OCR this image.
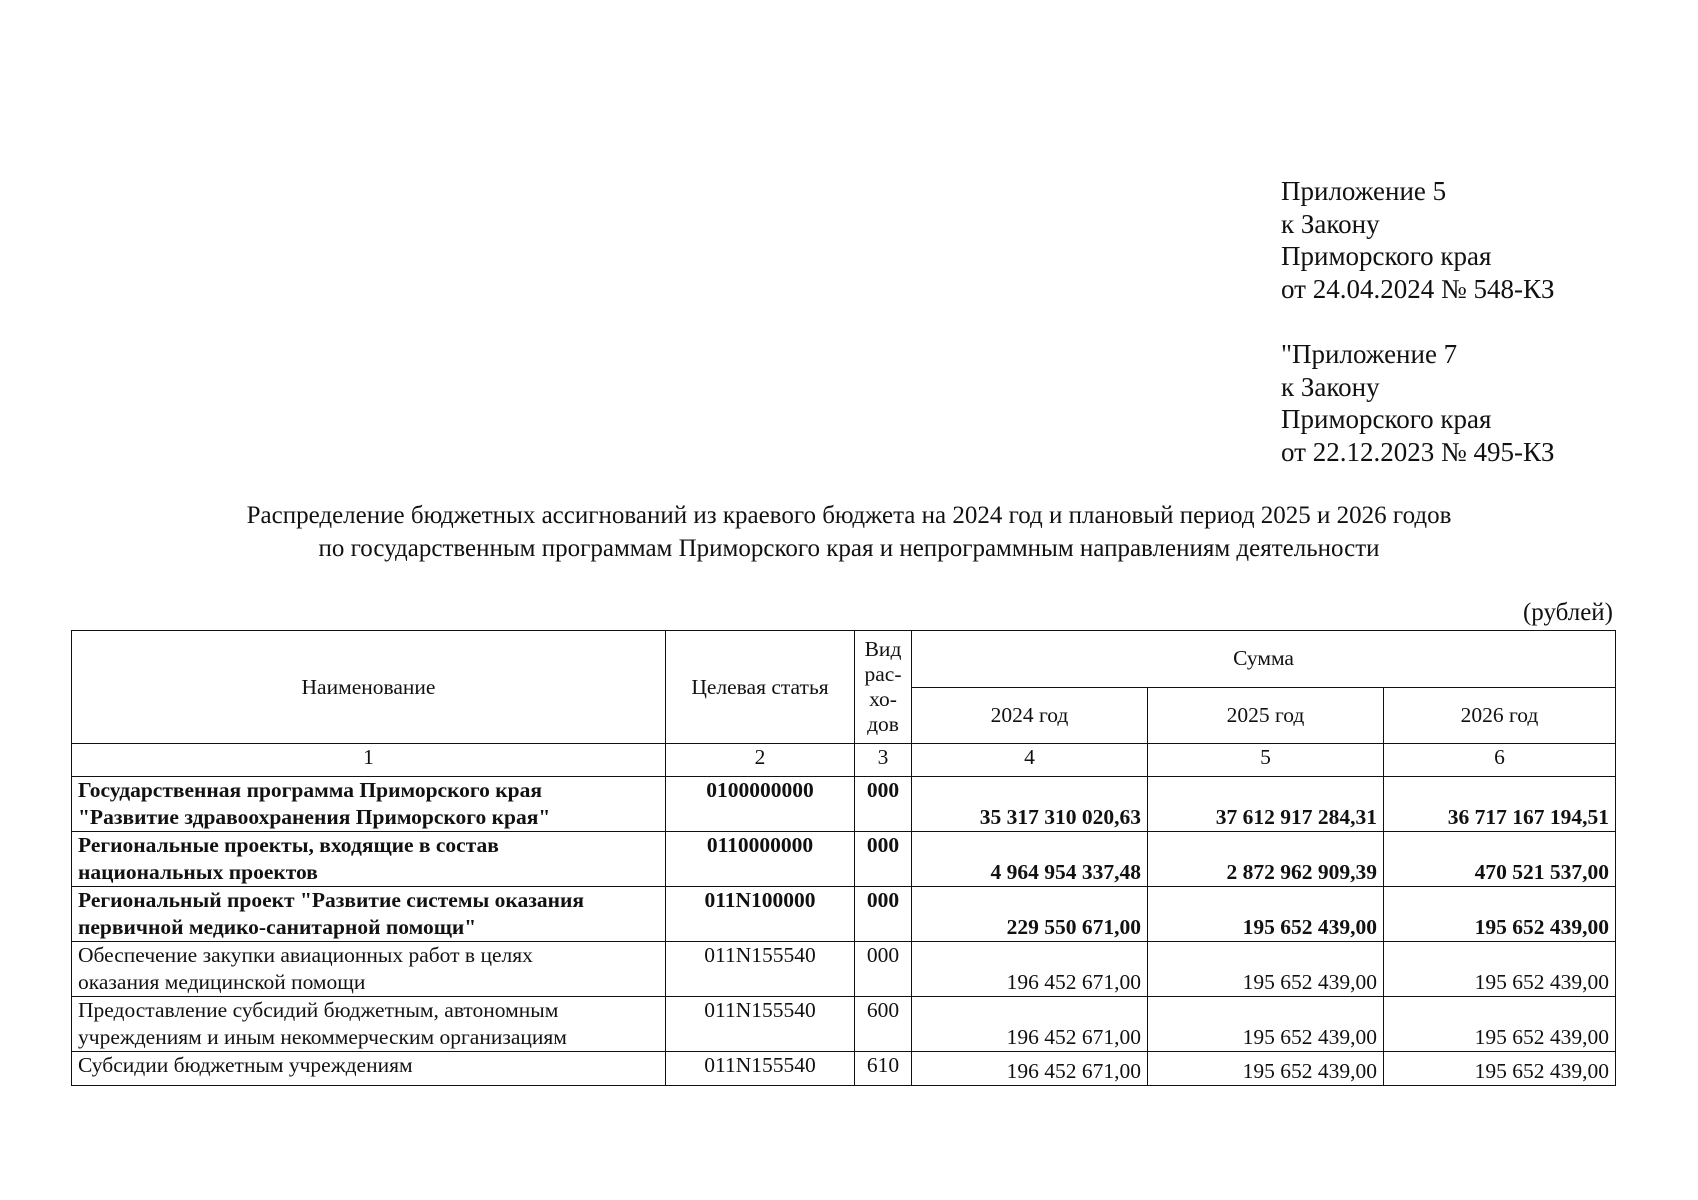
Приложение 5
к Закону
Приморского края
от 24.04.2024 № 548-КЗ
"Приложение 7
к Закону
Приморского края
от 22.12.2023 № 495-КЗ
Распределение бюджетных ассигнований из краевого бюджета на 2024 год и плановый период 2025 и 2026 годов
по государственным программам Приморского края и непрограммным направлениям деятельности
(рублей)
Наименование	Целевая статья	Вид
рас-
хо-
дов	Сумма		
			2024 год	2025 год	2026 год
1	2	3	4	5	6
Государственная программа Приморского края
"Развитие здравоохранения Приморского края"	0100000000	000	35 317 310 020,63	37 612 917 284,31	36 717 167 194,51
Региональные проекты, входящие в состав
национальных проектов	0110000000	000	4 964 954 337,48	2 872 962 909,39	470 521 537,00
Региональный проект "Развитие системы оказания
первичной медико-санитарной помощи"	011N100000	000	229 550 671,00	195 652 439,00	195 652 439,00
Обеспечение закупки авиационных работ в целях
оказания медицинской помощи	011N155540	000	196 452 671,00	195 652 439,00	195 652 439,00
Предоставление субсидий бюджетным, автономным
учреждениям и иным некоммерческим организациям	011N155540	600	196 452 671,00	195 652 439,00	195 652 439,00
Субсидии бюджетным учреждениям	011N155540	610	196 452 671,00	195 652 439,00	195 652 439,00
